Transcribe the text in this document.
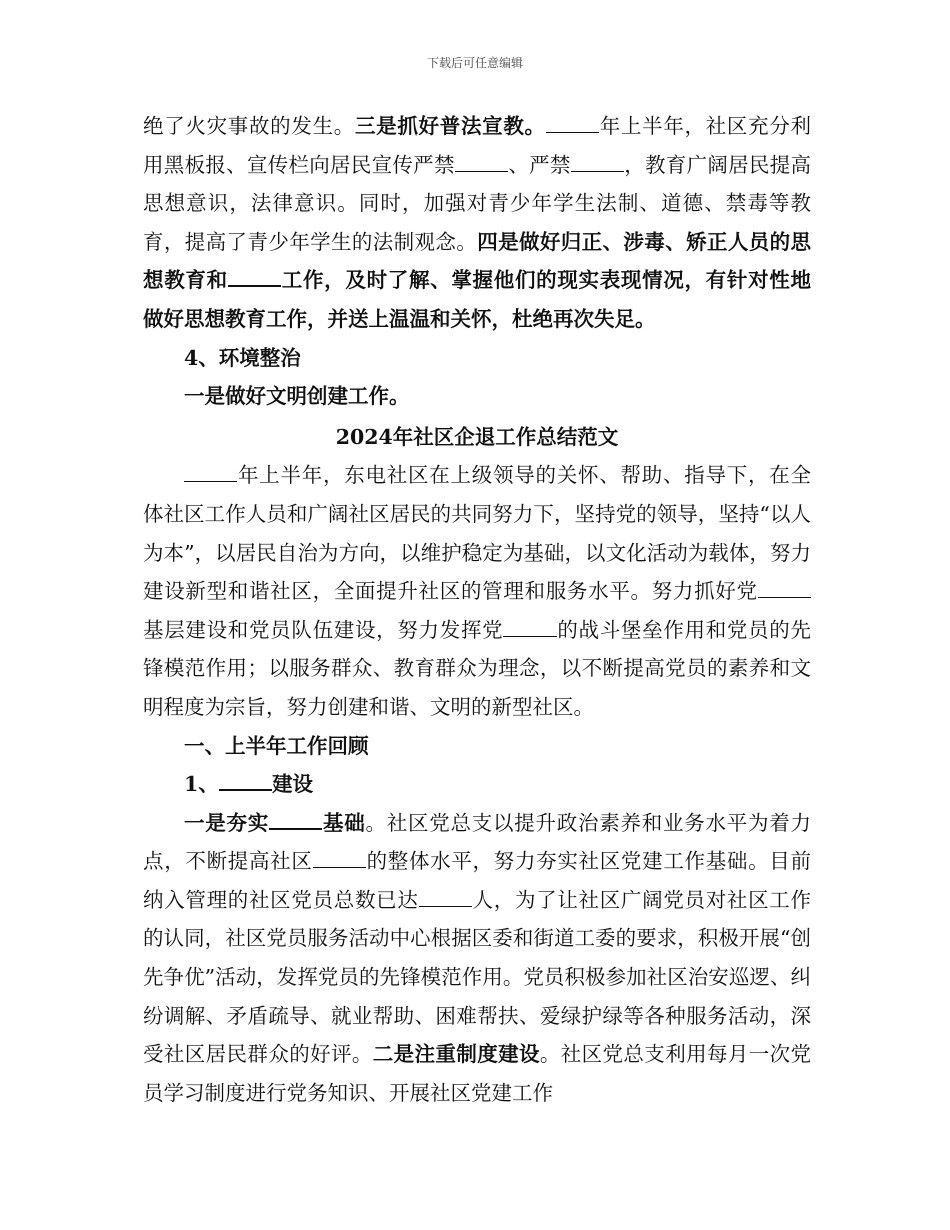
下载后可任意编辑

绝了火灾事故的发生。三是抓好普法宣教。	年上半年，社区充分利用黑板报、宣传栏向居民宣传严禁	、严禁	，教育广阔居民提高思想意识，法律意识。同时，加强对青少年学生法制、道德、禁毒等教育，提高了青少年学生的法制观念。四是做好归正、涉毒、矫正人员的思想教育和	工作，及时了解、掌握他们的现实表现情况，有针对性地做好思想教育工作，并送上温温和关怀，杜绝再次失足。

4、环境整治

一是做好文明创建工作。

2024年社区企退工作总结范文

年上半年，东电社区在上级领导的关怀、帮助、指导下，在全体社区工作人员和广阔社区居民的共同努力下，坚持党的领导，坚持“以人为本”，以居民自治为方向，以维护稳定为基础，以文化活动为载体，努力建设新型和谐社区，全面提升社区的管理和服务水平。努力抓好党基层建设和党员队伍建设，努力发挥党	的战斗堡垒作用和党员的先锋模范作用；以服务群众、教育群众为理念，以不断提高党员的素养和文明程度为宗旨，努力创建和谐、文明的新型社区。

一、上半年工作回顾

1、	建设

一是夯实	基础。社区党总支以提升政治素养和业务水平为着力点，不断提高社区	的整体水平，努力夯实社区党建工作基础。目前纳入管理的社区党员总数已达	人，为了让社区广阔党员对社区工作的认同，社区党员服务活动中心根据区委和街道工委的要求，积极开展“创先争优”活动，发挥党员的先锋模范作用。党员积极参加社区治安巡逻、纠纷调解、矛盾疏导、就业帮助、困难帮扶、爱绿护绿等各种服务活动，深受社区居民群众的好评。二是注重制度建设。社区党总支利用每月一次党员学习制度进行党务知识、开展社区党建工作
